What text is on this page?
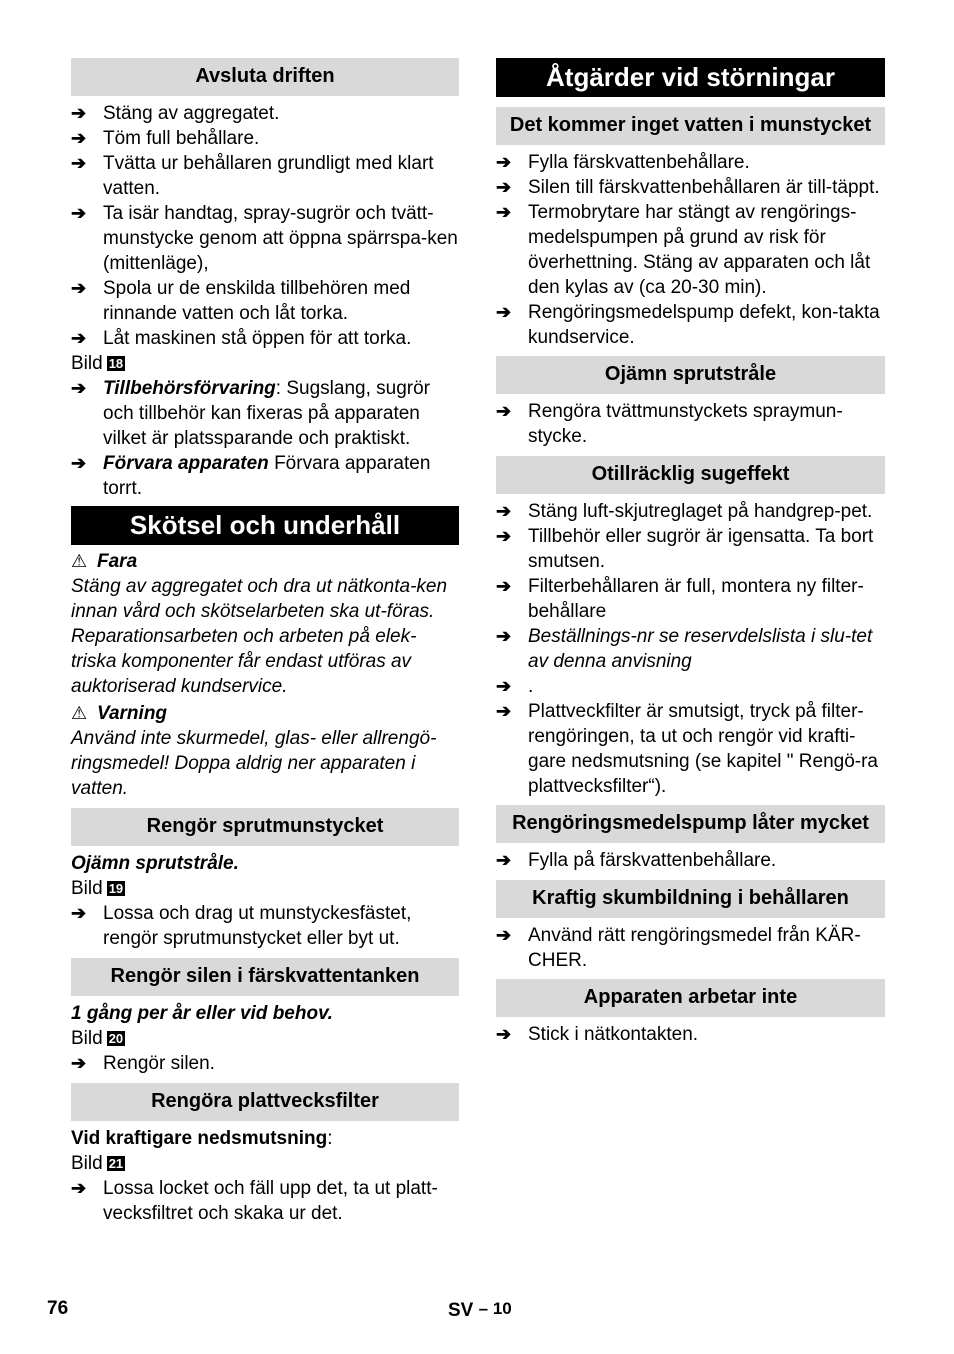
Avsluta driften
➔ Stäng av aggregatet.
➔ Töm full behållare.
➔ Tvätta ur behållaren grundligt med klart vatten.
➔ Ta isär handtag, spray-sugrör och tvätt-munstycke genom att öppna spärrspa-ken (mittenläge),
➔ Spola ur de enskilda tillbehören med rinnande vatten och låt torka.
➔ Låt maskinen stå öppen för att torka.
Bild 18
➔ Tillbehörsförvaring: Sugslang, sugrör och tillbehör kan fixeras på apparaten vilket är platssparande och praktiskt.
➔ Förvara apparaten Förvara apparaten torrt.
Skötsel och underhåll
⚠ Fara
Stäng av aggregatet och dra ut nätkonta-ken innan vård och skötselarbeten ska ut-föras.
Reparationsarbeten och arbeten på elek-triska komponenter får endast utföras av auktoriserad kundservice.
⚠ Varning
Använd inte skurmedel, glas- eller allrengö-ringsmedel! Doppa aldrig ner apparaten i vatten.
Rengör sprutmunstycket
Ojämn sprutstråle.
Bild 19
➔ Lossa och drag ut munstyckesfästet, rengör sprutmunstycket eller byt ut.
Rengör silen i färskvattentanken
1 gång per år eller vid behov.
Bild 20
➔ Rengör silen.
Rengöra plattvecksfilter
Vid kraftigare nedsmutsning:
Bild 21
➔ Lossa locket och fäll upp det, ta ut platt-vecksfiltret och skaka ur det.
Åtgärder vid störningar
Det kommer inget vatten i munstycket
➔ Fylla färskvattenbehållare.
➔ Silen till färskvattenbehållaren är till-täppt.
➔ Termobrytare har stängt av rengörings-medelspumpen på grund av risk för överhettning. Stäng av apparaten och låt den kylas av (ca 20-30 min).
➔ Rengöringsmedelspump defekt, kon-takta kundservice.
Ojämn sprutstråle
➔ Rengöra tvättmunstyckets spraymun-stycke.
Otillräcklig sugeffekt
➔ Stäng luft-skjutreglaget på handgrep-pet.
➔ Tillbehör eller sugrör är igensatta. Ta bort smutsen.
➔ Filterbehållaren är full, montera ny filter-behållare
➔ Beställnings-nr se reservdelslista i slu-tet av denna anvisning
➔ .
➔ Plattveckfilter är smutsigt, tryck på filter-rengöringen, ta ut och rengör vid krafti-gare nedsmutsning (se kapitel " Rengö-ra plattvecksfilter“).
Rengöringsmedelspump låter mycket
➔ Fylla på färskvattenbehållare.
Kraftig skumbildning i behållaren
➔ Använd rätt rengöringsmedel från KÄR-CHER.
Apparaten arbetar inte
➔ Stick i nätkontakten.
76	SV – 10
